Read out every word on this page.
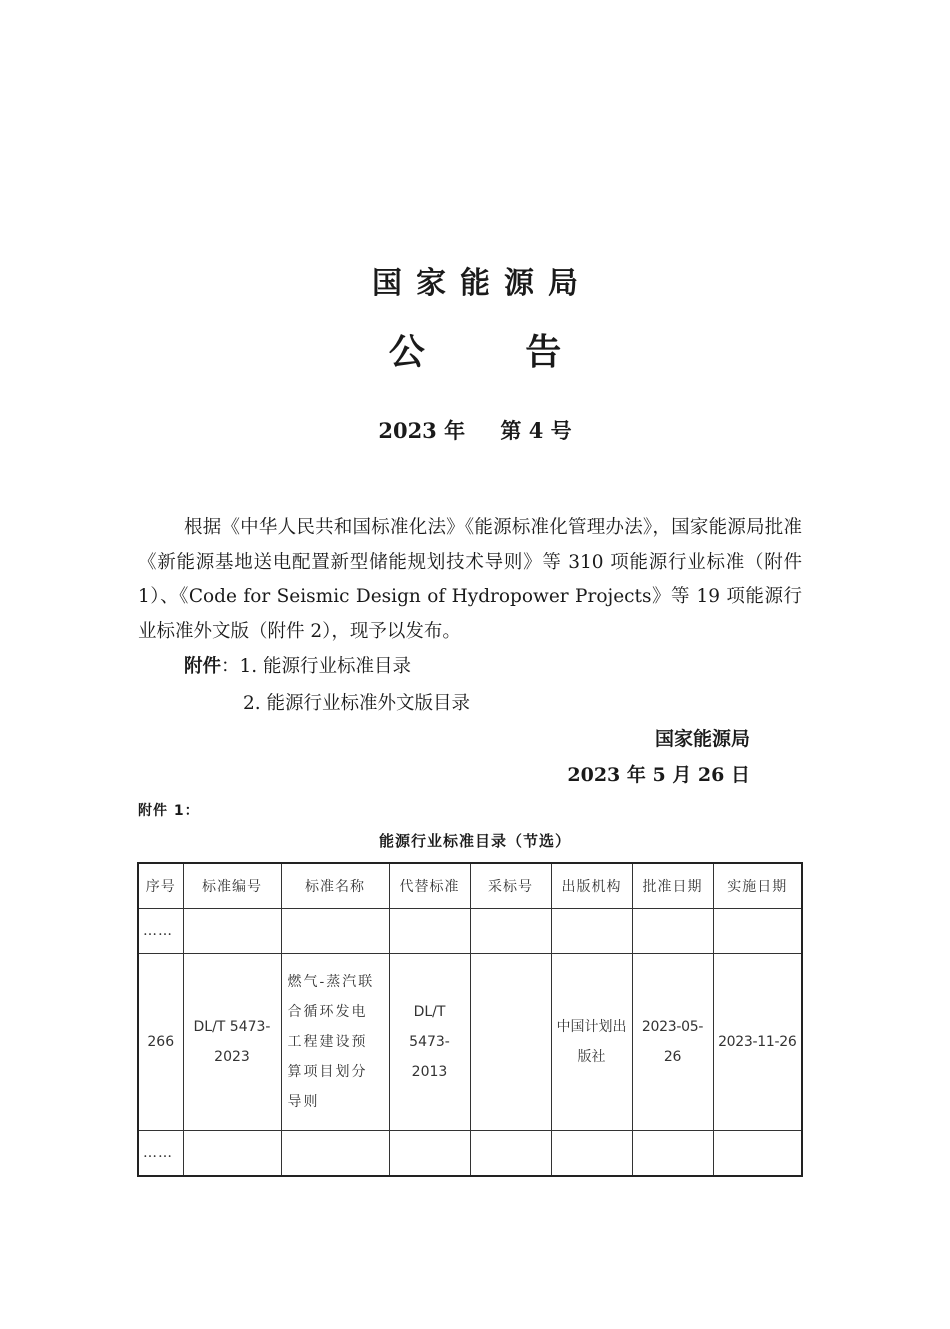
国家能源局
公 告
2023 年 第 4 号
根据《中华人民共和国标准化法》《能源标准化管理办法》，国家能源局批准《新能源基地送电配置新型储能规划技术导则》等 310 项能源行业标准（附件 1）、《Code for Seismic Design of Hydropower Projects》等 19 项能源行业标准外文版（附件 2），现予以发布。
附件：1. 能源行业标准目录
2. 能源行业标准外文版目录
国家能源局
2023 年 5 月 26 日
附件 1：
能源行业标准目录（节选）
序号	标准编号	标准名称	代替标准	采标号	出版机构	批准日期	实施日期
……							
266	DL/T 5473-2023	燃气-蒸汽联合循环发电工程建设预算项目划分导则	DL/T 5473-2013		中国计划出版社	2023-05-26	2023-11-26
……							
